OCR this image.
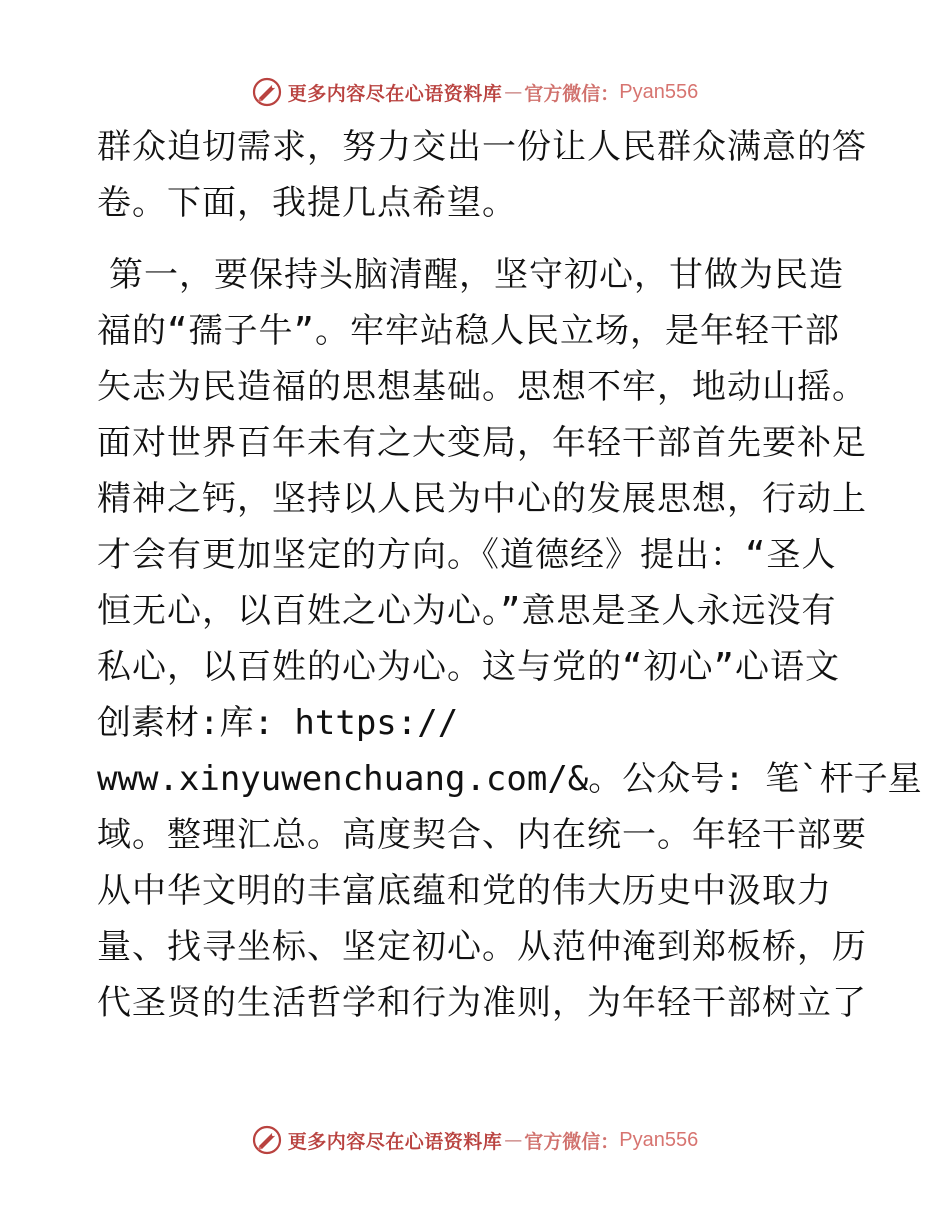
更多内容尽在心语资料库 — 官方微信： Pyan556
群众迫切需求，努力交出一份让人民群众满意的答
卷。下面，我提几点希望。
第一，要保持头脑清醒，坚守初心，甘做为民造
福的“孺子牛”。牢牢站稳人民立场，是年轻干部
矢志为民造福的思想基础。思想不牢，地动山摇。
面对世界百年未有之大变局，年轻干部首先要补足
精神之钙，坚持以人民为中心的发展思想，行动上
才会有更加坚定的方向。《道德经》提出：“圣人
恒无心，以百姓之心为心。”意思是圣人永远没有
私心，以百姓的心为心。这与党的“初心”心语文
创素材:库: https://
www.xinyuwenchuang.com/&。公众号: 笔`杆子星
域。整理汇总。高度契合、内在统一。年轻干部要
从中华文明的丰富底蕴和党的伟大历史中汲取力
量、找寻坐标、坚定初心。从范仲淹到郑板桥，历
代圣贤的生活哲学和行为准则，为年轻干部树立了
更多内容尽在心语资料库 — 官方微信： Pyan556
